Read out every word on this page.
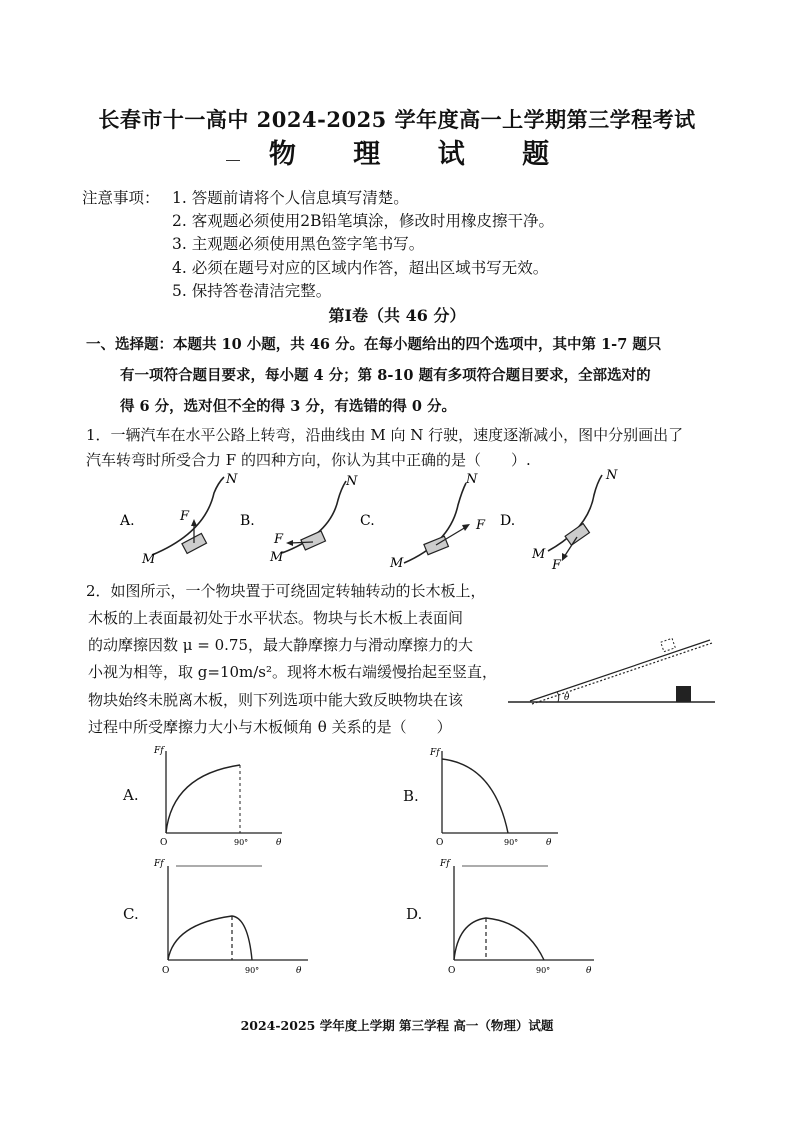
长春市十一高中 2024-2025 学年度高一上学期第三学程考试
物 理 试 题
注意事项： 1. 答题前请将个人信息填写清楚。
2. 客观题必须使用2B铅笔填涂，修改时用橡皮擦干净。
3. 主观题必须使用黑色签字笔书写。
4. 必须在题号对应的区域内作答，超出区域书写无效。
5. 保持答卷清洁完整。
第Ⅰ卷（共 46 分）
一、选择题：本题共 10 小题，共 46 分。在每小题给出的四个选项中，其中第 1-7 题只
有一项符合题目要求，每小题 4 分；第 8-10 题有多项符合题目要求，全部选对的
得 6 分，选对但不全的得 3 分，有选错的得 0 分。
1．一辆汽车在水平公路上转弯，沿曲线由 M 向 N 行驶，速度逐渐减小，图中分别画出了
汽车转弯时所受合力 F 的四种方向，你认为其中正确的是（　　）.
A.	B.	C.	D.
F
M
N
F
M
N
F
M
N
F
M
N
2．如图所示，一个物块置于可绕固定转轴转动的长木板上，
木板的上表面最初处于水平状态。物块与长木板上表面间
的动摩擦因数 μ = 0.75，最大静摩擦力与滑动摩擦力的大
小视为相等，取 g=10m/s²。现将木板右端缓慢抬起至竖直，
物块始终未脱离木板，则下列选项中能大致反映物块在该
过程中所受摩擦力大小与木板倾角 θ 关系的是（　　）
θ
A.	B.
C.	D.
Ff
O	90°	θ
Ff
O	90°	θ
Ff
O	90°	θ
Ff
O	90°	θ
2024-2025 学年度上学期 第三学程 高一（物理）试题
